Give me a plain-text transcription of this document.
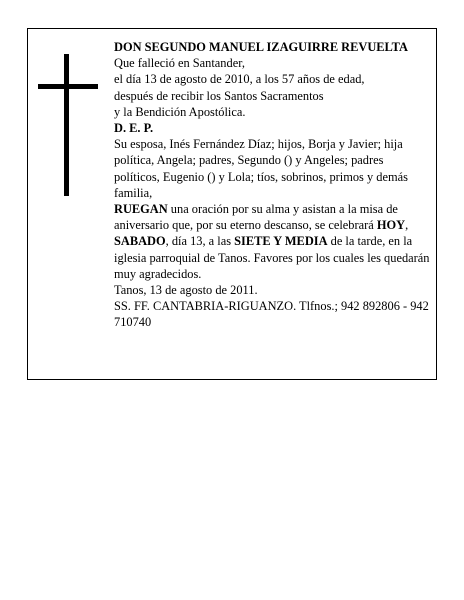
DON SEGUNDO MANUEL IZAGUIRRE REVUELTA

Que falleció en Santander,

el día 13 de agosto de 2010, a los 57 años de edad,

después de recibir los Santos Sacramentos

y la Bendición Apostólica.

D. E. P.

Su esposa, Inés Fernández Díaz; hijos, Borja y Javier; hija política, Angela; padres, Segundo () y Angeles; padres políticos, Eugenio () y Lola; tíos, sobrinos, primos y demás familia,

RUEGAN una oración por su alma y asistan a la misa de aniversario que, por su eterno descanso, se celebrará HOY, SABADO, día 13, a las SIETE Y MEDIA de la tarde, en la iglesia parroquial de Tanos. Favores por los cuales les quedarán muy agradecidos.

Tanos, 13 de agosto de 2011.

SS. FF. CANTABRIA-RIGUANZO. Tlfnos.; 942 892806 - 942 710740
